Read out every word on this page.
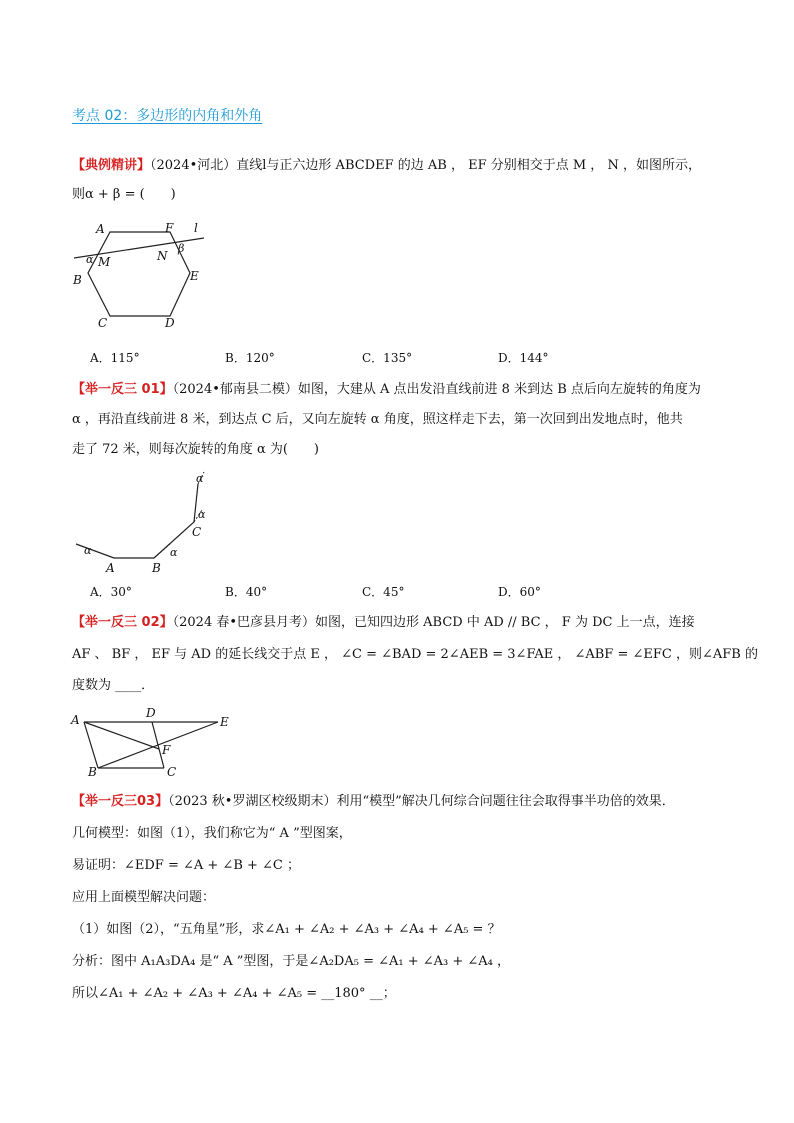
考点 02：多边形的内角和外角
【典例精讲】（2024•河北）直线l与正六边形 ABCDEF 的边 AB ， EF 分别相交于点 M ， N ，如图所示，
则α + β = (　　)
A	F l
β
α M	N
B	E
C	D
A．115°	B．120°	C．135°	D．144°
【举一反三 01】（2024•郁南县二模）如图，大建从 A 点出发沿直线前进 8 米到达 B 点后向左旋转的角度为
α ，再沿直线前进 8 米，到达点 C 后，又向左旋转 α 角度，照这样走下去，第一次回到出发地点时，他共
走了 72 米，则每次旋转的角度 α 为(　　)
α
α
C
α
A	B
α
A．30°	B．40°	C．45°	D．60°
【举一反三 02】（2024 春•巴彦县月考）如图，已知四边形 ABCD 中 AD // BC ， F 为 DC 上一点，连接
AF 、 BF ， EF 与 AD 的延长线交于点 E ， ∠C = ∠BAD = 2∠AEB = 3∠FAE ， ∠ABF = ∠EFC ，则∠AFB 的
度数为 ____．
A	D
E
F
B	C
【举一反三03】（2023 秋•罗湖区校级期末）利用“模型”解决几何综合问题往往会取得事半功倍的效果．
几何模型：如图（1），我们称它为“ A ”型图案，
易证明：∠EDF = ∠A + ∠B + ∠C ；
应用上面模型解决问题：
（1）如图（2），“五角星”形，求∠A₁ + ∠A₂ + ∠A₃ + ∠A₄ + ∠A₅ = ？
分析：图中 A₁A₃DA₄ 是“ A ”型图，于是∠A₂DA₅ = ∠A₁ + ∠A₃ + ∠A₄ ，
所以∠A₁ + ∠A₂ + ∠A₃ + ∠A₄ + ∠A₅ = __180° __；
